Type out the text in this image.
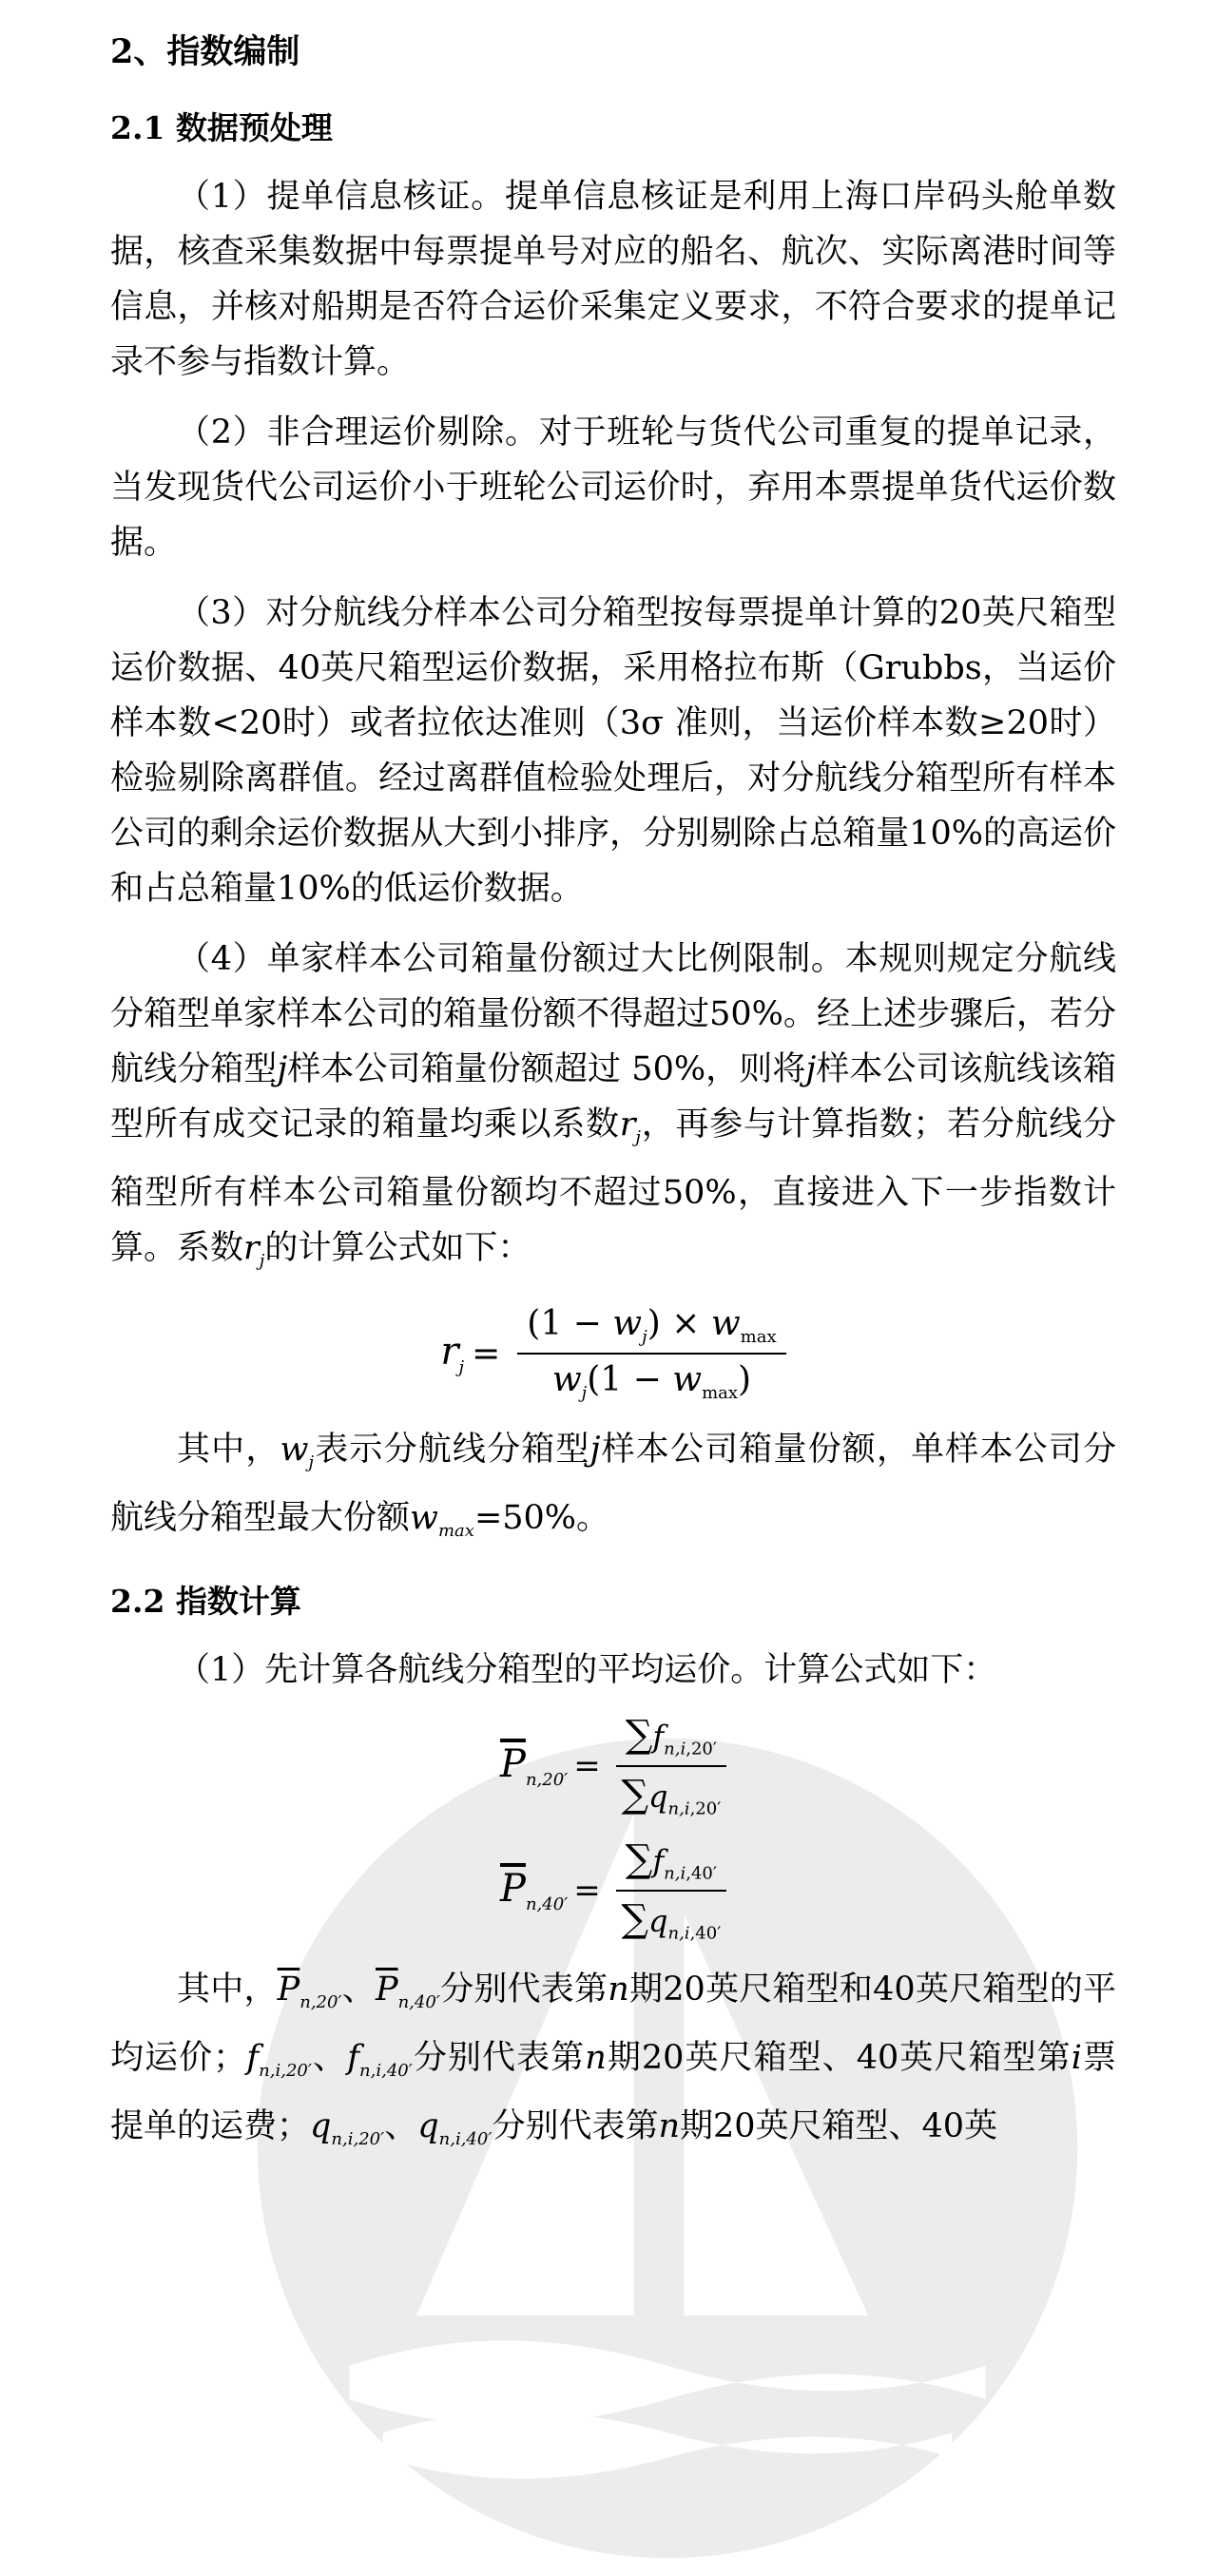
2、指数编制
2.1 数据预处理

（1）提单信息核证。提单信息核证是利用上海口岸码头舱单数据，核查采集数据中每票提单号对应的船名、航次、实际离港时间等信息，并核对船期是否符合运价采集定义要求，不符合要求的提单记录不参与指数计算。

（2）非合理运价剔除。对于班轮与货代公司重复的提单记录，当发现货代公司运价小于班轮公司运价时，弃用本票提单货代运价数据。

（3）对分航线分样本公司分箱型按每票提单计算的20英尺箱型运价数据、40英尺箱型运价数据，采用格拉布斯（Grubbs，当运价样本数<20时）或者拉依达准则（3σ 准则，当运价样本数≥20时）检验剔除离群值。经过离群值检验处理后，对分航线分箱型所有样本公司的剩余运价数据从大到小排序，分别剔除占总箱量10%的高运价和占总箱量10%的低运价数据。

（4）单家样本公司箱量份额过大比例限制。本规则规定分航线分箱型单家样本公司的箱量份额不得超过50%。经上述步骤后，若分航线分箱型j样本公司箱量份额超过 50%，则将j样本公司该航线该箱型所有成交记录的箱量均乘以系数$r_j$，再参与计算指数；若分航线分箱型所有样本公司箱量份额均不超过50%，直接进入下一步指数计算。系数$r_j$的计算公式如下：

$r_j = \frac{(1 - w_j) \times w_{max}}{w_j(1 - w_{max})}$

其中，$w_j$表示分航线分箱型j样本公司箱量份额，单样本公司分航线分箱型最大份额$w_{max}=50\%$。

2.2 指数计算

（1）先计算各航线分箱型的平均运价。计算公式如下：

$\overline{P}_{n,20'} = \frac{\sum f_{n,i,20'}}{\sum q_{n,i,20'}}$
$\overline{P}_{n,40'} = \frac{\sum f_{n,i,40'}}{\sum q_{n,i,40'}}$

其中，$\overline{P}_{n,20'}$、$\overline{P}_{n,40'}$分别代表第n期20英尺箱型和40英尺箱型的平均运价；$f_{n,i,20'}$、$f_{n,i,40'}$分别代表第n期20英尺箱型、40英尺箱型第i票提单的运费；$q_{n,i,20'}$、$q_{n,i,40'}$分别代表第n期20英尺箱型、40英
